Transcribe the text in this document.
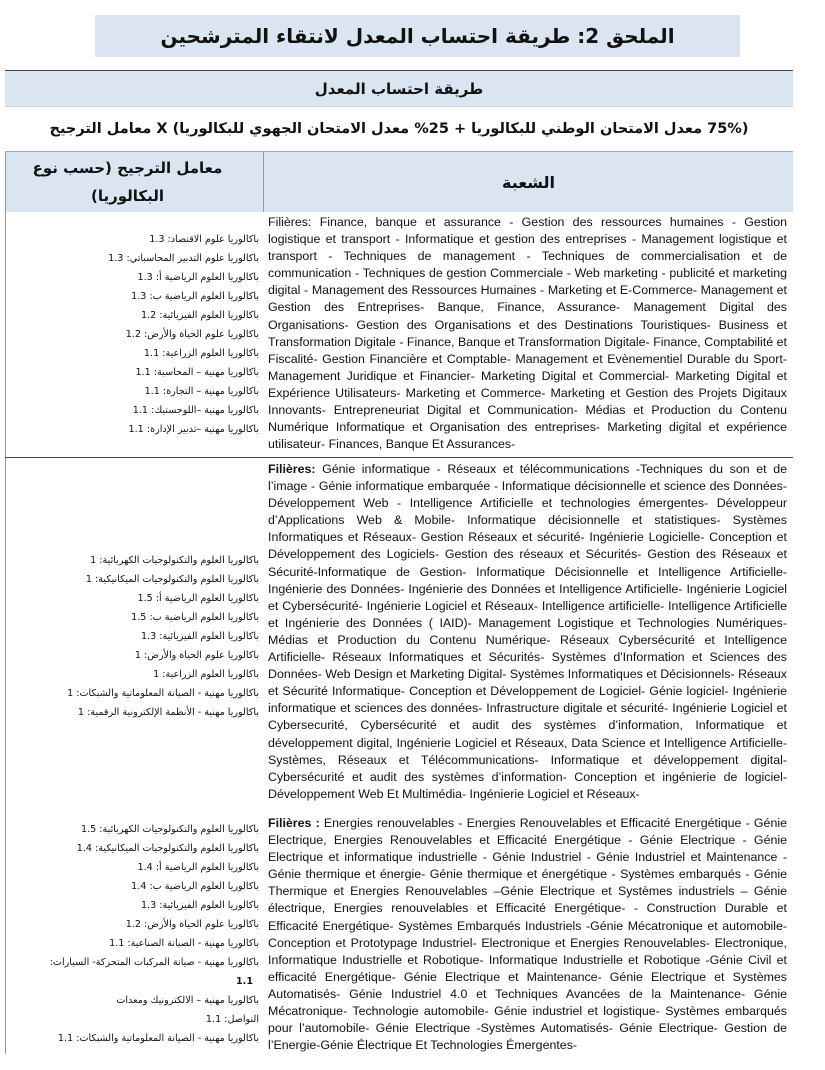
الملحق 2: طريقة احتساب المعدل لانتقاء المترشحين
طريقة احتساب المعدل
(75% معدل الامتحان الوطني للبكالوريا + 25% معدل الامتحان الجهوي للبكالوريا) X معامل الترجيح
معامل الترجيح (حسب نوع البكالوريا)
الشعبة
باكالوريا علوم الاقتصاد: 1.3
باكالوريا علوم التدبير المحاسباتي: 1.3
باكالوريا العلوم الرياضية أ: 1.3
باكالوريا العلوم الرياضية ب: 1.3
باكالوريا العلوم الفيزيائية: 1.2
باكالوريا علوم الحياة والأرض: 1.2
باكالوريا العلوم الزراعية: 1.1
باكالوريا مهنية – المحاسبة: 1.1
باكالوريا مهنية – التجارة: 1.1
باكالوريا مهنية –اللوجستيك: 1.1
باكالوريا مهنية –تدبير الإدارة: 1.1
Filières: Finance, banque et assurance - Gestion des ressources humaines - Gestion logistique et transport - Informatique et gestion des entreprises - Management logistique et transport - Techniques de management - Techniques de commercialisation et de communication - Techniques de gestion Commerciale - Web marketing - publicité et marketing digital - Management des Ressources Humaines - Marketing et E-Commerce- Management et Gestion des Entreprises- Banque, Finance, Assurance- Management Digital des Organisations- Gestion des Organisations et des Destinations Touristiques- Business et Transformation Digitale - Finance, Banque et Transformation Digitale- Finance, Comptabilité et Fiscalité- Gestion Financière et Comptable- Management et Evènementiel Durable du Sport- Management Juridique et Financier- Marketing Digital et Commercial- Marketing Digital et Expérience Utilisateurs- Marketing et Commerce- Marketing et Gestion des Projets Digitaux Innovants- Entrepreneuriat Digital et Communication- Médias et Production du Contenu Numérique Informatique et Organisation des entreprises- Marketing digital et expérience utilisateur- Finances, Banque Et Assurances-
باكالوريا العلوم والتكنولوجيات الكهربائية: 1
باكالوريا العلوم والتكنولوجيات الميكانيكية: 1
باكالوريا العلوم الرياضية أ: 1.5
باكالوريا العلوم الرياضية ب: 1.5
باكالوريا العلوم الفيزيائية: 1.3
باكالوريا علوم الحياة والأرض: 1
باكالوريا العلوم الزراعية: 1
باكالوريا مهنية - الصيانة المعلوماتية والشبكات: 1
باكالوريا مهنية - الأنظمة الإلكترونية الرقمية: 1
Filières: Génie informatique - Réseaux et télécommunications -Techniques du son et de l’image - Génie informatique embarquée - Informatique décisionnelle et science des Données- Développement Web - Intelligence Artificielle et technologies émergentes- Développeur d’Applications Web & Mobile- Informatique décisionnelle et statistiques- Systèmes Informatiques et Réseaux- Gestion Réseaux et sécurité- Ingénierie Logicielle- Conception et Développement des Logiciels- Gestion des réseaux et Sécurités- Gestion des Réseaux et Sécurité-Informatique de Gestion- Informatique Décisionnelle et Intelligence Artificielle- Ingénierie des Données- Ingénierie des Données et Intelligence Artificielle- Ingénierie Logiciel et Cybersécurité- Ingénierie Logiciel et Réseaux- Intelligence artificielle- Intelligence Artificielle et Ingénierie des Données ( IAID)- Management Logistique et Technologies Numériques- Médias et Production du Contenu Numérique- Réseaux Cybersécurité et Intelligence Artificielle- Réseaux Informatiques et Sécurités- Systèmes d'Information et Sciences des Données- Web Design et Marketing Digital- Systèmes Informatiques et Décisionnels- Réseaux et Sécurité Informatique- Conception et Développement de Logiciel- Génie logiciel- Ingénierie informatique et sciences des données- Infrastructure digitale et sécurité- Ingénierie Logiciel et Cybersecurité, Cybersécurité et audit des systèmes d’information, Informatique et développement digital, Ingénierie Logiciel et Réseaux, Data Science et Intelligence Artificielle- Systèmes, Réseaux et Télécommunications- Informatique et développement digital- Cybersécurité et audit des systèmes d’information- Conception et ingénierie de logiciel-Développement Web Et Multimédia- Ingénierie Logiciel et Réseaux-
باكالوريا العلوم والتكنولوجيات الكهربائية: 1.5
باكالوريا العلوم والتكنولوجيات الميكانيكية: 1.4
باكالوريا العلوم الرياضية أ: 1.4
باكالوريا العلوم الرياضية ب: 1.4
باكالوريا العلوم الفيزيائية: 1.3
باكالوريا علوم الحياة والأرض: 1.2
باكالوريا مهنية - الصيانة الصناعية: 1.1
باكالوريا مهنية - صيانة المركبات المتحركة- السيارات:
1.1
باكالوريا مهنية – الالكترونيك ومعدات
التواصل: 1.1
باكالوريا مهنية - الصيانة المعلوماتية والشبكات: 1.1
Filières : Energies renouvelables - Energies Renouvelables et Efficacité Energétique - Génie Electrique, Energies Renouvelables et Efficacité Energétique - Génie Electrique - Génie Electrique et informatique industrielle - Génie Industriel - Génie Industriel et Maintenance - Génie thermique et énergie- Génie thermique et énergétique - Systèmes embarqués - Génie Thermique et Energies Renouvelables –Génie Electrique et Systèmes industriels – Génie électrique, Energies renouvelables et Efficacité Energétique- - Construction Durable et Efficacité Energétique- Systèmes Embarqués Industriels -Génie Mécatronique et automobile- Conception et Prototypage Industriel- Electronique et Energies Renouvelables- Electronique, Informatique Industrielle et Robotique- Informatique Industrielle et Robotique -Génie Civil et efficacité Energétique- Génie Electrique et Maintenance- Génie Electrique et Systèmes Automatisés- Génie Industriel 4.0 et Techniques Avancées de la Maintenance- Génie Mécatronique- Technologie automobile- Génie industriel et logistique- Systèmes embarqués pour l’automobile- Génie Electrique -Systèmes Automatisés- Génie Electrique- Gestion de l’Energie-Génie Électrique Et Technologies Émergentes-
